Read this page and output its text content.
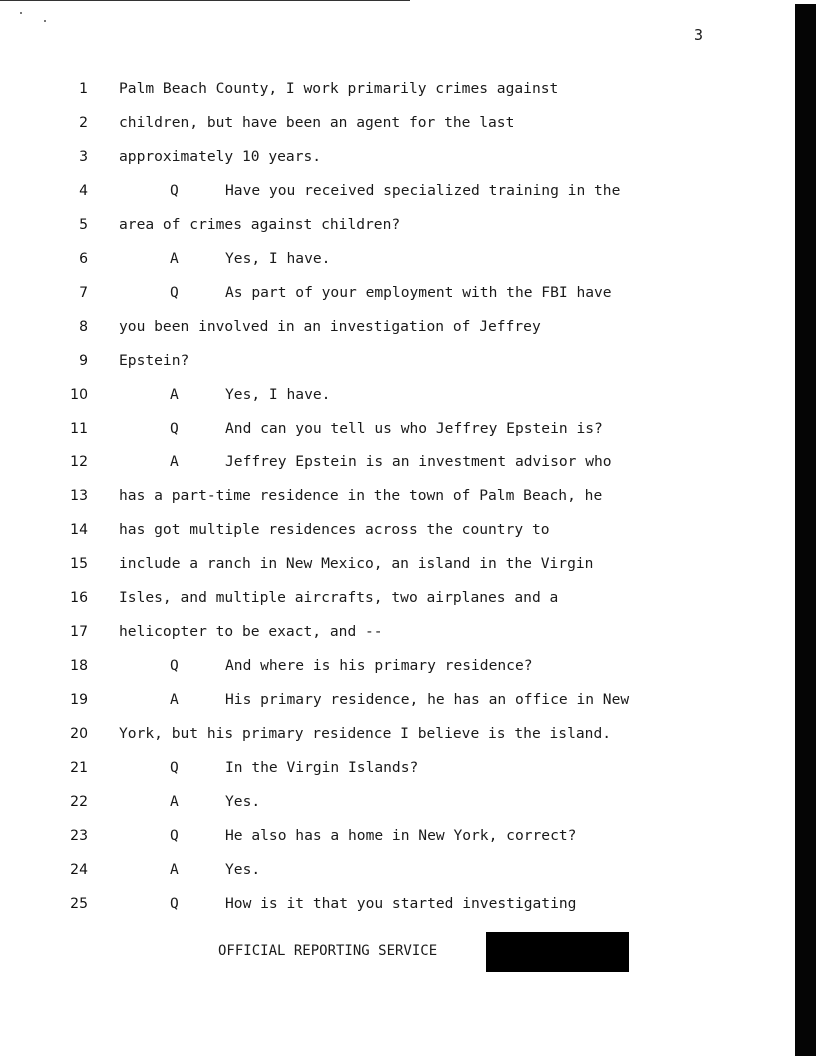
3
1 Palm Beach County, I work primarily crimes against
2 children, but have been an agent for the last
3 approximately 10 years.
4	Q	Have you received specialized training in the
5 area of crimes against children?
6	A	Yes, I have.
7	Q	As part of your employment with the FBI have
8 you been involved in an investigation of Jeffrey
9 Epstein?
10	A	Yes, I have.
11	Q	And can you tell us who Jeffrey Epstein is?
12	A	Jeffrey Epstein is an investment advisor who
13 has a part-time residence in the town of Palm Beach, he
14 has got multiple residences across the country to
15 include a ranch in New Mexico, an island in the Virgin
16 Isles, and multiple aircrafts, two airplanes and a
17 helicopter to be exact, and --
18	Q	And where is his primary residence?
19	A	His primary residence, he has an office in New
20 York, but his primary residence I believe is the island.
21	Q	In the Virgin Islands?
22	A	Yes.
23	Q	He also has a home in New York, correct?
24	A	Yes.
25	Q	How is it that you started investigating
OFFICIAL REPORTING SERVICE
